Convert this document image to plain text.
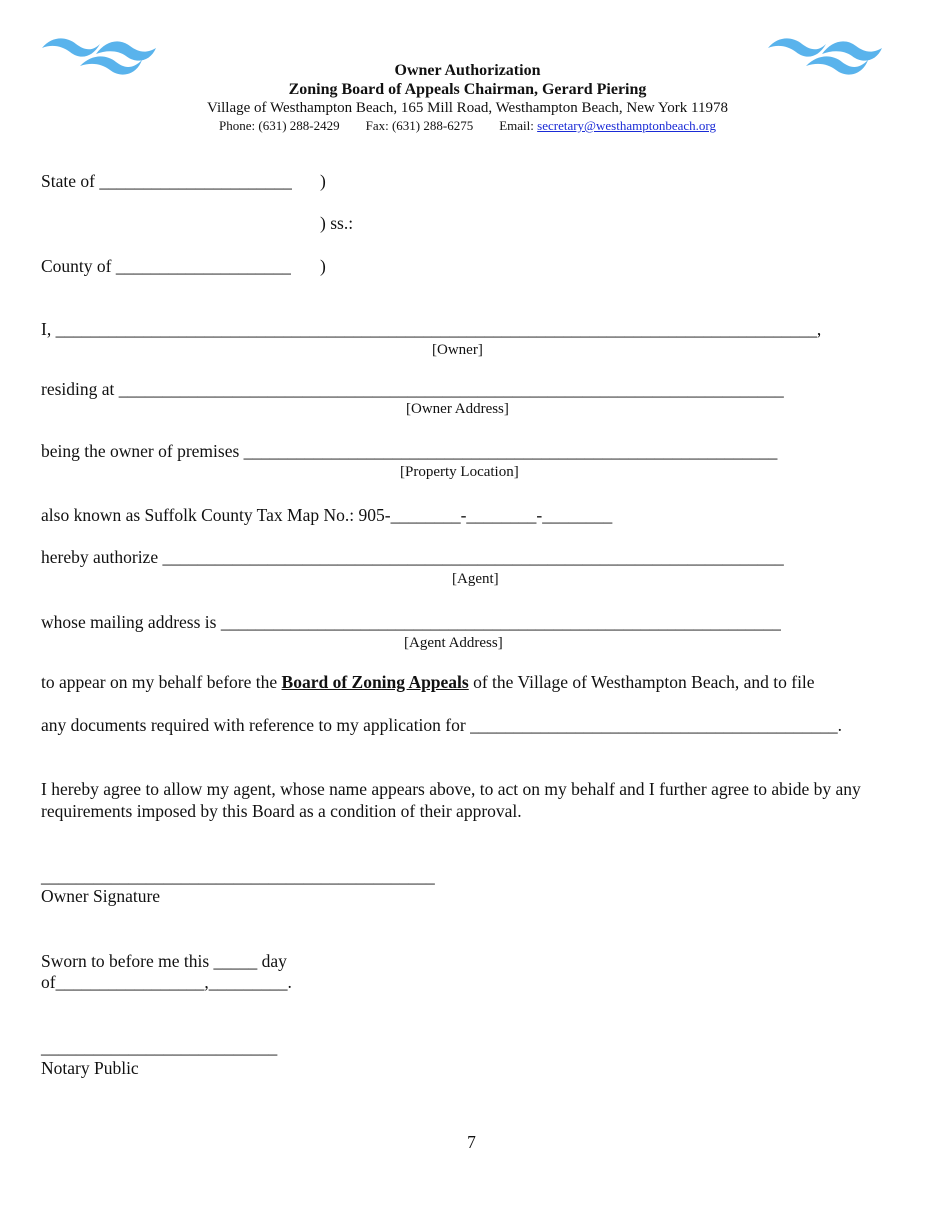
Owner Authorization
Zoning Board of Appeals Chairman, Gerard Piering
Village of Westhampton Beach, 165 Mill Road, Westhampton Beach, New York 11978
Phone: (631) 288-2429 Fax: (631) 288-6275 Email: secretary@westhamptonbeach.org
State of ______________________ )
) ss.:
County of ____________________ )
I, _______________________________________________________________________________________,
[Owner]
residing at ____________________________________________________________________________
[Owner Address]
being the owner of premises _____________________________________________________________
[Property Location]
also known as Suffolk County Tax Map No.: 905-________-________-________
hereby authorize _______________________________________________________________________
[Agent]
whose mailing address is ________________________________________________________________
[Agent Address]
to appear on my behalf before the Board of Zoning Appeals of the Village of Westhampton Beach, and to file
any documents required with reference to my application for __________________________________________.
I hereby agree to allow my agent, whose name appears above, to act on my behalf and I further agree to abide by any requirements imposed by this Board as a condition of their approval.
_____________________________________________
Owner Signature
Sworn to before me this _____ day
of_________________,_________.
___________________________
Notary Public
7
